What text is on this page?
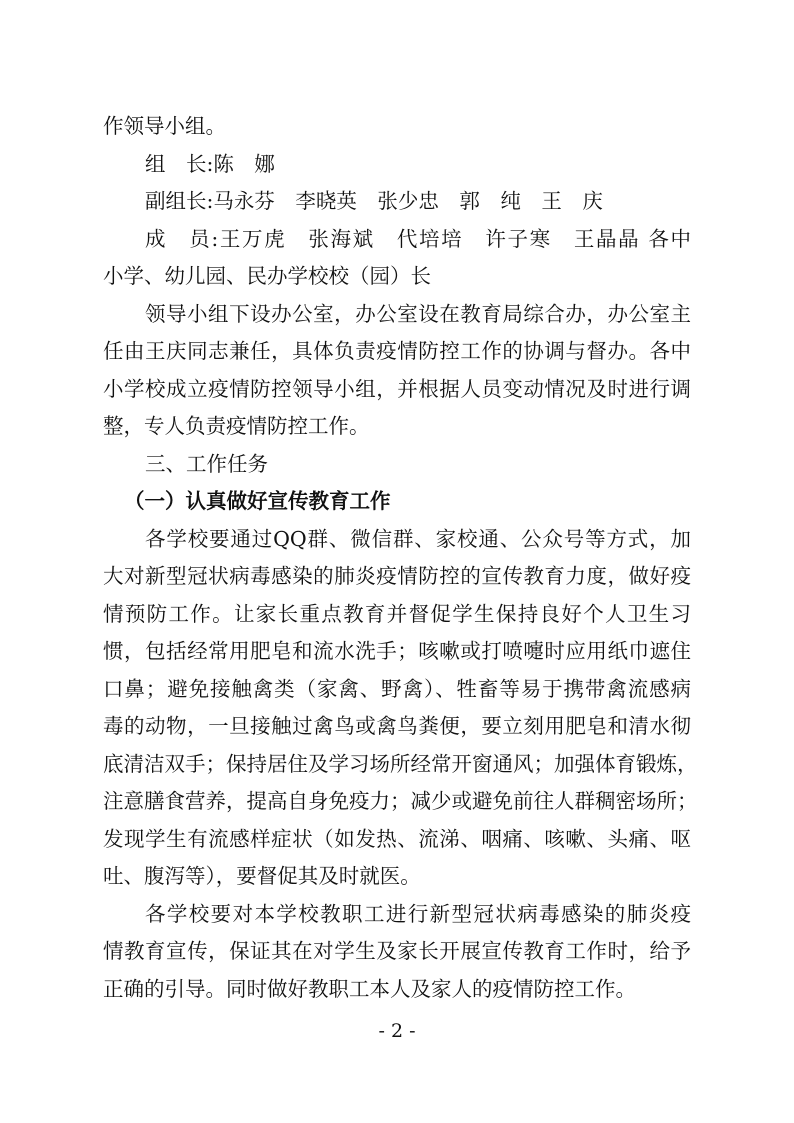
作领导小组。
组　长:陈　娜
副组长:马永芬　李晓英　张少忠　郭　纯　王　庆
成　员:王万虎　张海斌　代培培　许子寒　王晶晶 各中
小学、幼儿园、民办学校校（园）长
领导小组下设办公室，办公室设在教育局综合办，办公室主
任由王庆同志兼任，具体负责疫情防控工作的协调与督办。各中
小学校成立疫情防控领导小组，并根据人员变动情况及时进行调
整，专人负责疫情防控工作。
三、工作任务
（一）认真做好宣传教育工作
各学校要通过QQ群、微信群、家校通、公众号等方式，加
大对新型冠状病毒感染的肺炎疫情防控的宣传教育力度，做好疫
情预防工作。让家长重点教育并督促学生保持良好个人卫生习
惯，包括经常用肥皂和流水洗手；咳嗽或打喷嚏时应用纸巾遮住
口鼻；避免接触禽类（家禽、野禽）、牲畜等易于携带禽流感病
毒的动物，一旦接触过禽鸟或禽鸟粪便，要立刻用肥皂和清水彻
底清洁双手；保持居住及学习场所经常开窗通风；加强体育锻炼，
注意膳食营养，提高自身免疫力；减少或避免前往人群稠密场所；
发现学生有流感样症状（如发热、流涕、咽痛、咳嗽、头痛、呕
吐、腹泻等），要督促其及时就医。
各学校要对本学校教职工进行新型冠状病毒感染的肺炎疫
情教育宣传，保证其在对学生及家长开展宣传教育工作时，给予
正确的引导。同时做好教职工本人及家人的疫情防控工作。
- 2 -
